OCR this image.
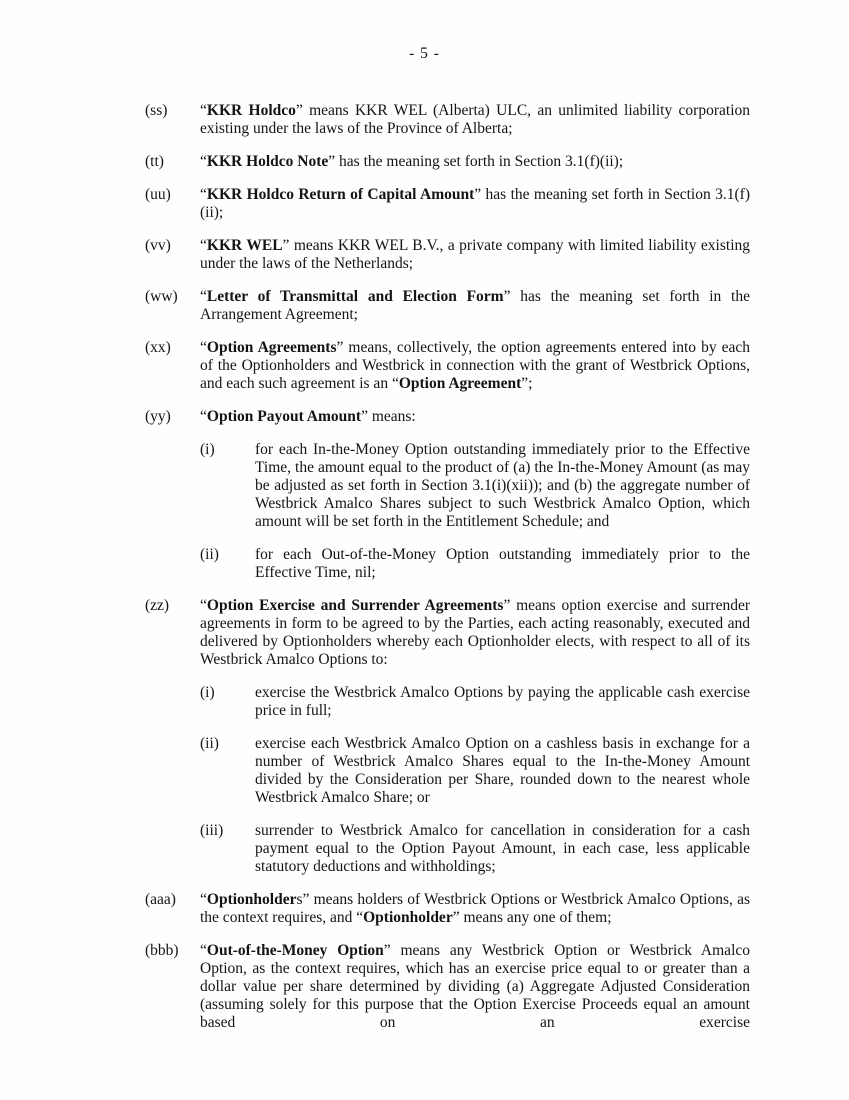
- 5 -
(ss)	“KKR Holdco” means KKR WEL (Alberta) ULC, an unlimited liability corporation existing under the laws of the Province of Alberta;
(tt)	“KKR Holdco Note” has the meaning set forth in Section 3.1(f)(ii);
(uu)	“KKR Holdco Return of Capital Amount” has the meaning set forth in Section 3.1(f)(ii);
(vv)	“KKR WEL” means KKR WEL B.V., a private company with limited liability existing under the laws of the Netherlands;
(ww)	“Letter of Transmittal and Election Form” has the meaning set forth in the Arrangement Agreement;
(xx)	“Option Agreements” means, collectively, the option agreements entered into by each of the Optionholders and Westbrick in connection with the grant of Westbrick Options, and each such agreement is an “Option Agreement”;
(yy)	“Option Payout Amount” means:
(i)	for each In-the-Money Option outstanding immediately prior to the Effective Time, the amount equal to the product of (a) the In-the-Money Amount (as may be adjusted as set forth in Section 3.1(i)(xii)); and (b) the aggregate number of Westbrick Amalco Shares subject to such Westbrick Amalco Option, which amount will be set forth in the Entitlement Schedule; and
(ii)	for each Out-of-the-Money Option outstanding immediately prior to the Effective Time, nil;
(zz)	“Option Exercise and Surrender Agreements” means option exercise and surrender agreements in form to be agreed to by the Parties, each acting reasonably, executed and delivered by Optionholders whereby each Optionholder elects, with respect to all of its Westbrick Amalco Options to:
(i)	exercise the Westbrick Amalco Options by paying the applicable cash exercise price in full;
(ii)	exercise each Westbrick Amalco Option on a cashless basis in exchange for a number of Westbrick Amalco Shares equal to the In-the-Money Amount divided by the Consideration per Share, rounded down to the nearest whole Westbrick Amalco Share; or
(iii)	surrender to Westbrick Amalco for cancellation in consideration for a cash payment equal to the Option Payout Amount, in each case, less applicable statutory deductions and withholdings;
(aaa)	“Optionholders” means holders of Westbrick Options or Westbrick Amalco Options, as the context requires, and “Optionholder” means any one of them;
(bbb)	“Out-of-the-Money Option” means any Westbrick Option or Westbrick Amalco Option, as the context requires, which has an exercise price equal to or greater than a dollar value per share determined by dividing (a) Aggregate Adjusted Consideration (assuming solely for this purpose that the Option Exercise Proceeds equal an amount based on an exercise
